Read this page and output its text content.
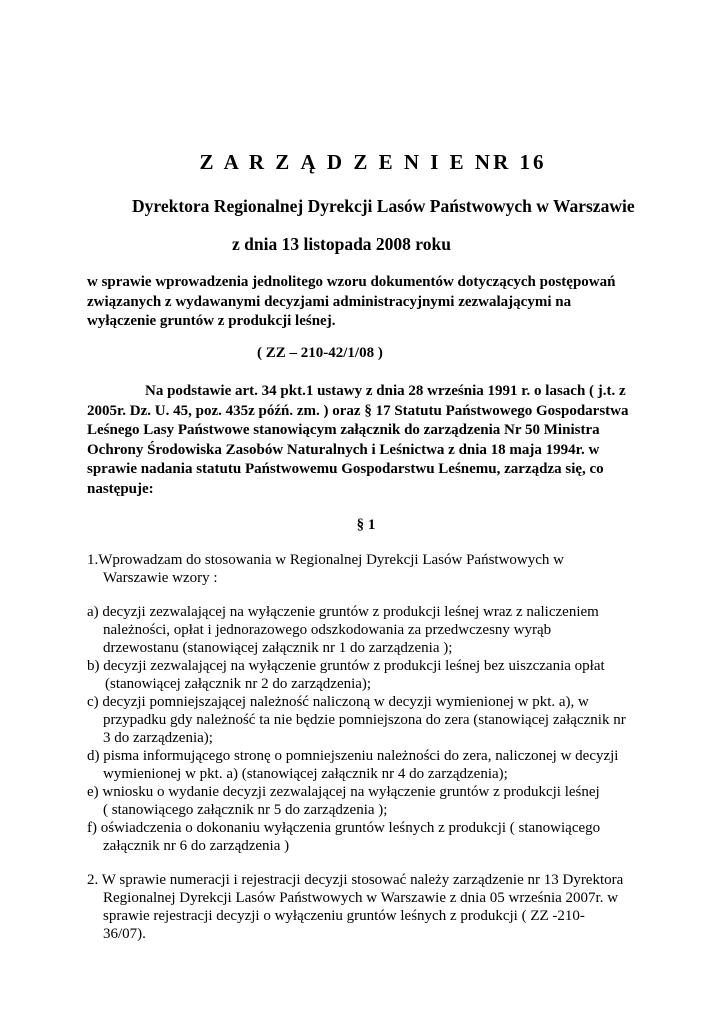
Z A R Z Ą D Z E N I E NR 16
Dyrektora Regionalnej Dyrekcji Lasów Państwowych w Warszawie
z dnia 13 listopada 2008 roku
w sprawie wprowadzenia jednolitego wzoru dokumentów dotyczących postępowań
związanych z wydawanymi decyzjami administracyjnymi zezwalającymi na
wyłączenie gruntów z produkcji leśnej.
( ZZ – 210-42/1/08 )
Na podstawie art. 34 pkt.1 ustawy z dnia 28 września 1991 r. o lasach ( j.t. z
2005r. Dz. U. 45, poz. 435z późń. zm. ) oraz § 17 Statutu Państwowego Gospodarstwa
Leśnego Lasy Państwowe stanowiącym załącznik do zarządzenia Nr 50 Ministra
Ochrony Środowiska Zasobów Naturalnych i Leśnictwa z dnia 18 maja 1994r. w
sprawie nadania statutu Państwowemu Gospodarstwu Leśnemu, zarządza się, co
następuje:
§ 1
1.Wprowadzam do stosowania w Regionalnej Dyrekcji Lasów Państwowych w
Warszawie wzory :
a) decyzji zezwalającej na wyłączenie gruntów z produkcji leśnej wraz z naliczeniem
należności, opłat i jednorazowego odszkodowania za przedwczesny wyrąb
drzewostanu (stanowiącej załącznik nr 1 do zarządzenia );
b) decyzji zezwalającej na wyłączenie gruntów z produkcji leśnej bez uiszczania opłat
(stanowiącej załącznik nr 2 do zarządzenia);
c) decyzji pomniejszającej należność naliczoną w decyzji wymienionej w pkt. a), w
przypadku gdy należność ta nie będzie pomniejszona do zera (stanowiącej załącznik nr
3 do zarządzenia);
d) pisma informującego stronę o pomniejszeniu należności do zera, naliczonej w decyzji
wymienionej w pkt. a) (stanowiącej załącznik nr 4 do zarządzenia);
e) wniosku o wydanie decyzji zezwalającej na wyłączenie gruntów z produkcji leśnej
( stanowiącego załącznik nr 5 do zarządzenia );
f) oświadczenia o dokonaniu wyłączenia gruntów leśnych z produkcji ( stanowiącego
załącznik nr 6 do zarządzenia )
2. W sprawie numeracji i rejestracji decyzji stosować należy zarządzenie nr 13 Dyrektora
Regionalnej Dyrekcji Lasów Państwowych w Warszawie z dnia 05 września 2007r. w
sprawie rejestracji decyzji o wyłączeniu gruntów leśnych z produkcji ( ZZ -210-
36/07).
